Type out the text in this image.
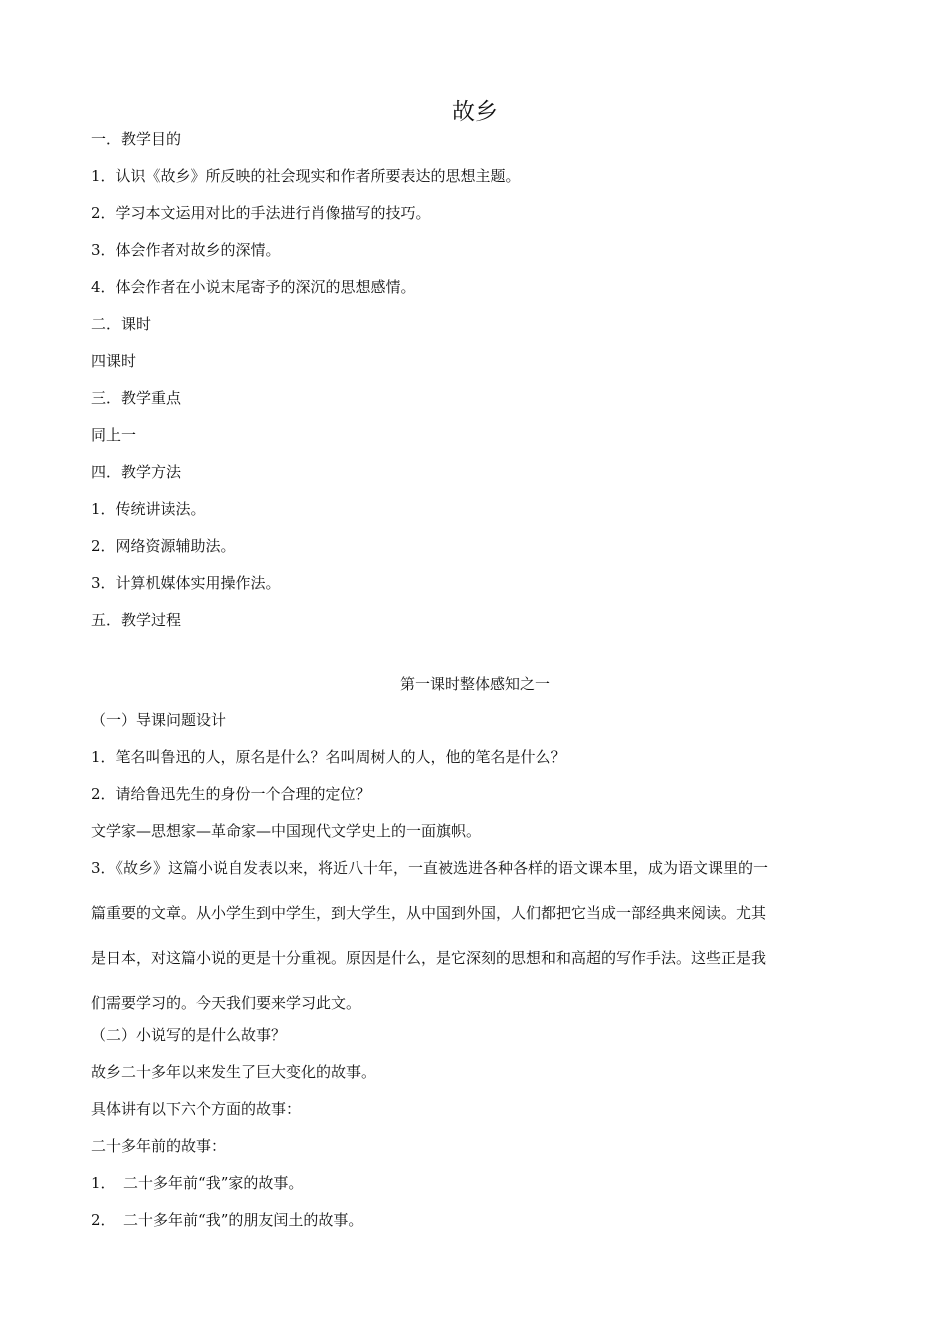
故乡
一．教学目的
1．认识《故乡》所反映的社会现实和作者所要表达的思想主题。
2．学习本文运用对比的手法进行肖像描写的技巧。
3．体会作者对故乡的深情。
4．体会作者在小说末尾寄予的深沉的思想感情。
二．课时
四课时
三．教学重点
同上一
四．教学方法
1．传统讲读法。
2．网络资源辅助法。
3．计算机媒体实用操作法。
五．教学过程
第一课时整体感知之一
（一）导课问题设计
1．笔名叫鲁迅的人，原名是什么？名叫周树人的人，他的笔名是什么？
2．请给鲁迅先生的身份一个合理的定位？
文学家—思想家—革命家—中国现代文学史上的一面旗帜。
3．《故乡》这篇小说自发表以来，将近八十年，一直被选进各种各样的语文课本里，成为语文课里的一
篇重要的文章。从小学生到中学生，到大学生，从中国到外国，人们都把它当成一部经典来阅读。尤其
是日本，对这篇小说的更是十分重视。原因是什么，是它深刻的思想和和高超的写作手法。这些正是我
们需要学习的。今天我们要来学习此文。
（二）小说写的是什么故事？
故乡二十多年以来发生了巨大变化的故事。
具体讲有以下六个方面的故事：
二十多年前的故事：
1．　二十多年前“我”家的故事。
2．　二十多年前“我”的朋友闰土的故事。
